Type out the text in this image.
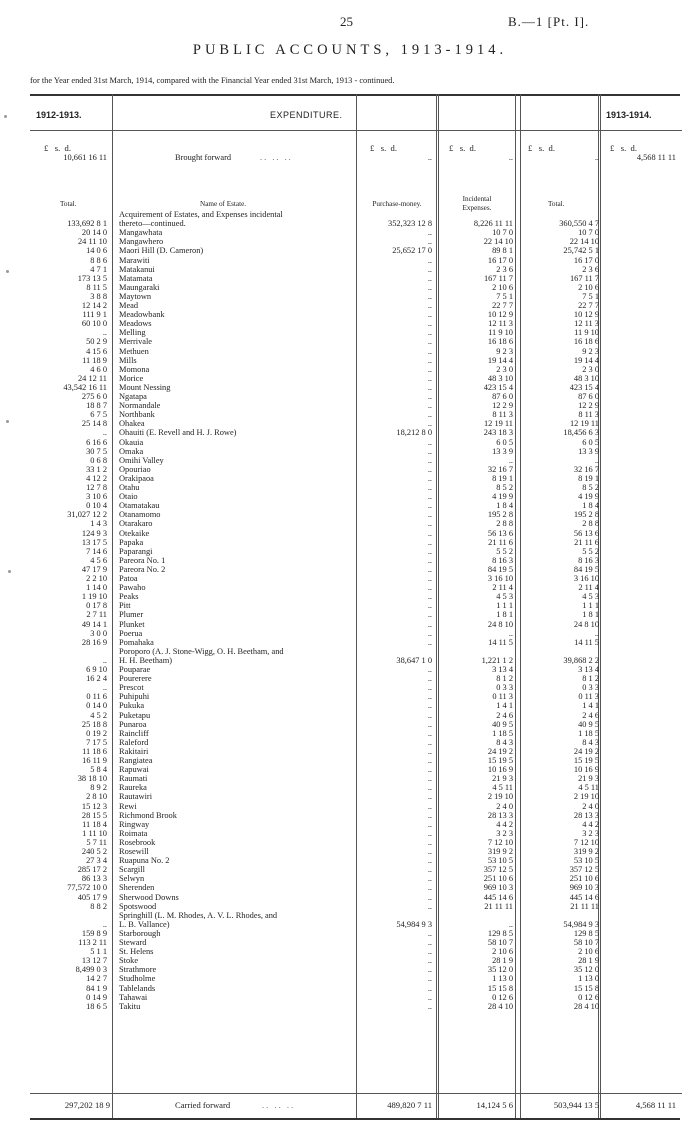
25	B.—1 [Pt. I].
PUBLIC ACCOUNTS, 1913-1914.
for the Year ended 31st March, 1914, compared with the Financial Year ended 31st March, 1913 - continued.
1912-1913.	EXPENDITURE.	1913-1914.
£   s.  d.	£   s.  d.	£   s.  d.	£   s.  d.	£   s.  d.
10,661 16 11	Brought forward	.. .. ..	..	..	..	4,568 11 11
Total.	Name of Estate.	Purchase-money.
Incidental
Expenses.	Total.
Acquirement of Estates, and Expenses incidental
133,692 8 1 thereto—continued.	352,323 12 8	8,226 11 11	360,550 4 7
20 14 0 Mangawhata	..	10 7 0	10 7 0
24 11 10 Mangawhero	..	22 14 10	22 14 10
14 0 6 Maori Hill (D. Cameron)	25,652 17 0	89 8 1	25,742 5 1
8 8 6 Marawiti	..	16 17 0	16 17 0
4 7 1 Matakanui	..	2 3 6	2 3 6
173 13 5 Matamata	..	167 11 7	167 11 7
8 11 5 Maungaraki	..	2 10 6	2 10 6
3 8 8 Maytown	..	7 5 1	7 5 1
12 14 2 Mead	..	22 7 7	22 7 7
111 9 1 Meadowbank	..	10 12 9	10 12 9
60 10 0 Meadows	..	12 11 3	12 11 3
.. Melling	..	11 9 10	11 9 10
50 2 9 Merrivale	..	16 18 6	16 18 6
4 15 6 Methuen	..	9 2 3	9 2 3
11 18 9 Mills	..	19 14 4	19 14 4
4 6 0 Momona	..	2 3 0	2 3 0
24 12 11 Morice	..	48 3 10	48 3 10
43,542 16 11 Mount Nessing	..	423 15 4	423 15 4
275 6 0 Ngatapa	..	87 6 0	87 6 0
18 8 7 Normandale	..	12 2 9	12 2 9
6 7 5 Northbank	..	8 11 3	8 11 3
25 14 8 Ohakea	..	12 19 11	12 19 11
.. Ohauiti (E. Revell and H. J. Rowe)	18,212 8 0	243 18 3	18,456 6 3
6 16 6 Okauia	..	6 0 5	6 0 5
30 7 5 Omaka	..	13 3 9	13 3 9
0 6 8 Omihi Valley	..	..	..
33 1 2 Opouriao	..	32 16 7	32 16 7
4 12 2 Orakipaoa	..	8 19 1	8 19 1
12 7 8 Otahu	..	8 5 2	8 5 2
3 10 6 Otaio	..	4 19 9	4 19 9
0 10 4 Otamatakau	..	1 8 4	1 8 4
31,027 12 2 Otanamomo	..	195 2 8	195 2 8
1 4 3 Otarakaro	..	2 8 8	2 8 8
124 9 3 Otekaike	..	56 13 6	56 13 6
13 17 5 Papaka	..	21 11 6	21 11 6
7 14 6 Paparangi	..	5 5 2	5 5 2
4 5 6 Pareora No. 1	..	8 16 3	8 16 3
47 17 9 Pareora No. 2	..	84 19 5	84 19 5
2 2 10 Patoa	..	3 16 10	3 16 10
1 14 0 Pawaho	..	2 11 4	2 11 4
1 19 10 Peaks	..	4 5 3	4 5 3
0 17 8 Pitt	..	1 1 1	1 1 1
2 7 11 Plumer	..	1 8 1	1 8 1
49 14 1 Plunket	..	24 8 10	24 8 10
3 0 0 Poerua	..	..	..
28 16 9 Pomahaka	..	14 11 5	14 11 5
Poroporo (A. J. Stone-Wigg, O. H. Beetham, and
.. H. H. Beetham)	38,647 1 0	1,221 1 2	39,868 2 2
6 9 10 Pouparae	..	3 13 4	3 13 4
16 2 4 Pourerere	..	8 1 2	8 1 2
.. Prescot	..	0 3 3	0 3 3
0 11 6 Puhipuhi	..	0 11 3	0 11 3
0 14 0 Pukuka	..	1 4 1	1 4 1
4 5 2 Puketapu	..	2 4 6	2 4 6
25 18 8 Punaroa	..	40 9 5	40 9 5
0 19 2 Raincliff	..	1 18 5	1 18 5
7 17 5 Raleford	..	8 4 3	8 4 3
11 18 6 Rakitairi	..	24 19 2	24 19 2
16 11 9 Rangiatea	..	15 19 5	15 19 5
5 8 4 Rapuwai	..	10 16 9	10 16 9
38 18 10 Raumati	..	21 9 3	21 9 3
8 9 2 Raureka	..	4 5 11	4 5 11
2 8 10 Rautawiri	..	2 19 10	2 19 10
15 12 3 Rewi	..	2 4 0	2 4 0
28 15 5 Richmond Brook	..	28 13 3	28 13 3
11 18 4 Ringway	..	4 4 2	4 4 2
1 11 10 Roimata	..	3 2 3	3 2 3
5 7 11 Rosebrook	..	7 12 10	7 12 10
240 5 2 Rosewill	..	319 9 2	319 9 2
27 3 4 Ruapuna No. 2	..	53 10 5	53 10 5
285 17 2 Scargill	..	357 12 5	357 12 5
86 13 3 Selwyn	..	251 10 6	251 10 6
77,572 10 0 Sherenden	..	969 10 3	969 10 3
405 17 9 Sherwood Downs	..	445 14 6	445 14 6
8 8 2 Spotswood	..	21 11 11	21 11 11
Springhill (L. M. Rhodes, A. V. L. Rhodes, and
.. L. B. Vallance)	54,984 9 3	..	54,984 9 3
159 8 9 Starborough	..	129 8 5	129 8 5
113 2 11 Steward	..	58 10 7	58 10 7
5 1 1 St. Helens	..	2 10 6	2 10 6
13 12 7 Stoke	..	28 1 9	28 1 9
8,499 0 3 Strathmore	..	35 12 0	35 12 0
14 2 7 Studholme	..	1 13 0	1 13 0
84 1 9 Tablelands	..	15 15 8	15 15 8
0 14 9 Tahawai	..	0 12 6	0 12 6
18 6 5 Takitu	..	28 4 10	28 4 10
297,202 18 9	Carried forward	.. .. ..	489,820 7 11	14,124 5 6	503,944 13 5	4,568 11 11
